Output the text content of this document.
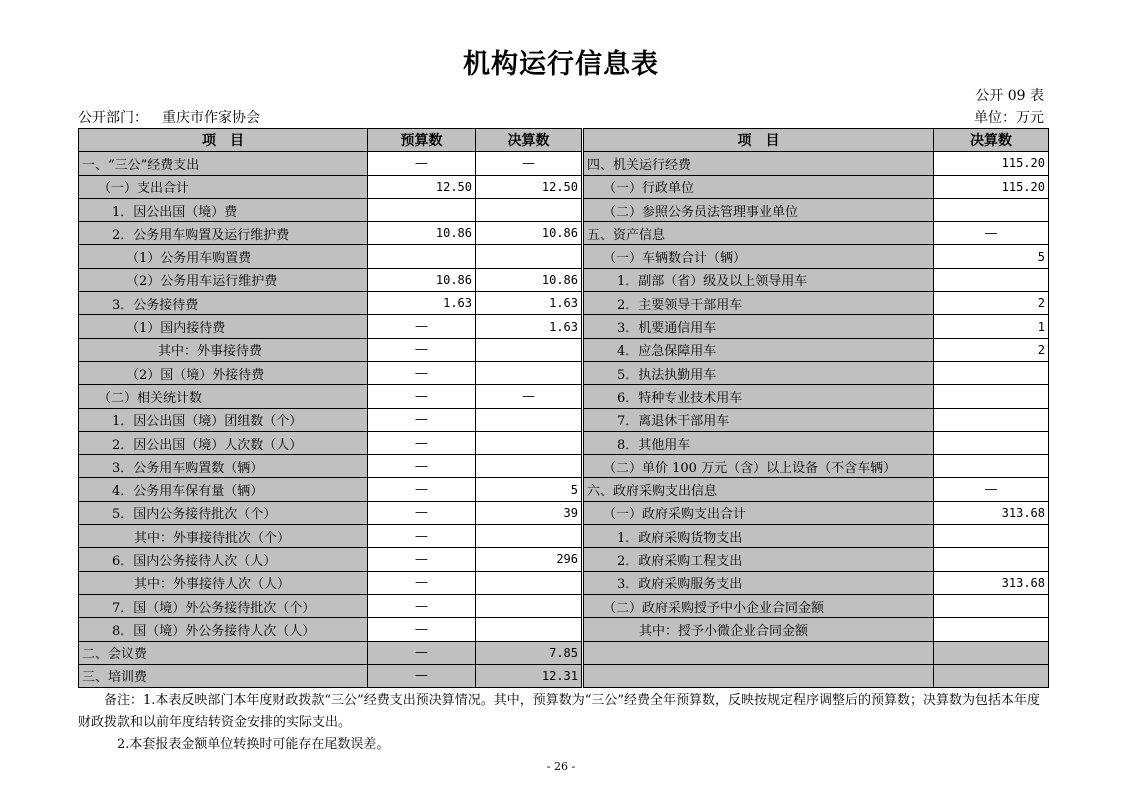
机构运行信息表
公开 09 表
公开部门： 重庆市作家协会	单位：万元
项　目	预算数	决算数		项　目	决算数
一、“三公”经费支出	—	—		四、机关运行经费	115.20
（一）支出合计	12.50	12.50		（一）行政单位	115.20
1．因公出国（境）费				（二）参照公务员法管理事业单位	
2．公务用车购置及运行维护费	10.86	10.86		五、资产信息	—
（1）公务用车购置费				（一）车辆数合计（辆）	5
（2）公务用车运行维护费	10.86	10.86		1．副部（省）级及以上领导用车	
3．公务接待费	1.63	1.63		2．主要领导干部用车	2
（1）国内接待费	—	1.63		3．机要通信用车	1
其中：外事接待费	—			4．应急保障用车	2
（2）国（境）外接待费	—			5．执法执勤用车	
（二）相关统计数	—	—		6．特种专业技术用车	
1．因公出国（境）团组数（个）	—			7．离退休干部用车	
2．因公出国（境）人次数（人）	—			8．其他用车	
3．公务用车购置数（辆）	—			（二）单价 100 万元（含）以上设备（不含车辆）	
4．公务用车保有量（辆）	—	5		六、政府采购支出信息	—
5．国内公务接待批次（个）	—	39		（一）政府采购支出合计	313.68
其中：外事接待批次（个）	—			1．政府采购货物支出	
6．国内公务接待人次（人）	—	296		2．政府采购工程支出	
其中：外事接待人次（人）	—			3．政府采购服务支出	313.68
7．国（境）外公务接待批次（个）	—			（二）政府采购授予中小企业合同金额	
8．国（境）外公务接待人次（人）	—			其中：授予小微企业合同金额	
二、会议费	—	7.85			
三、培训费	—	12.31			

备注：1.本表反映部门本年度财政拨款“三公”经费支出预决算情况。其中，预算数为“三公”经费全年预算数，反映按规定程序调整后的预算数；决算数为包括本年度财政拨款和以前年度结转资金安排的实际支出。

2.本套报表金额单位转换时可能存在尾数误差。

- 26 -
